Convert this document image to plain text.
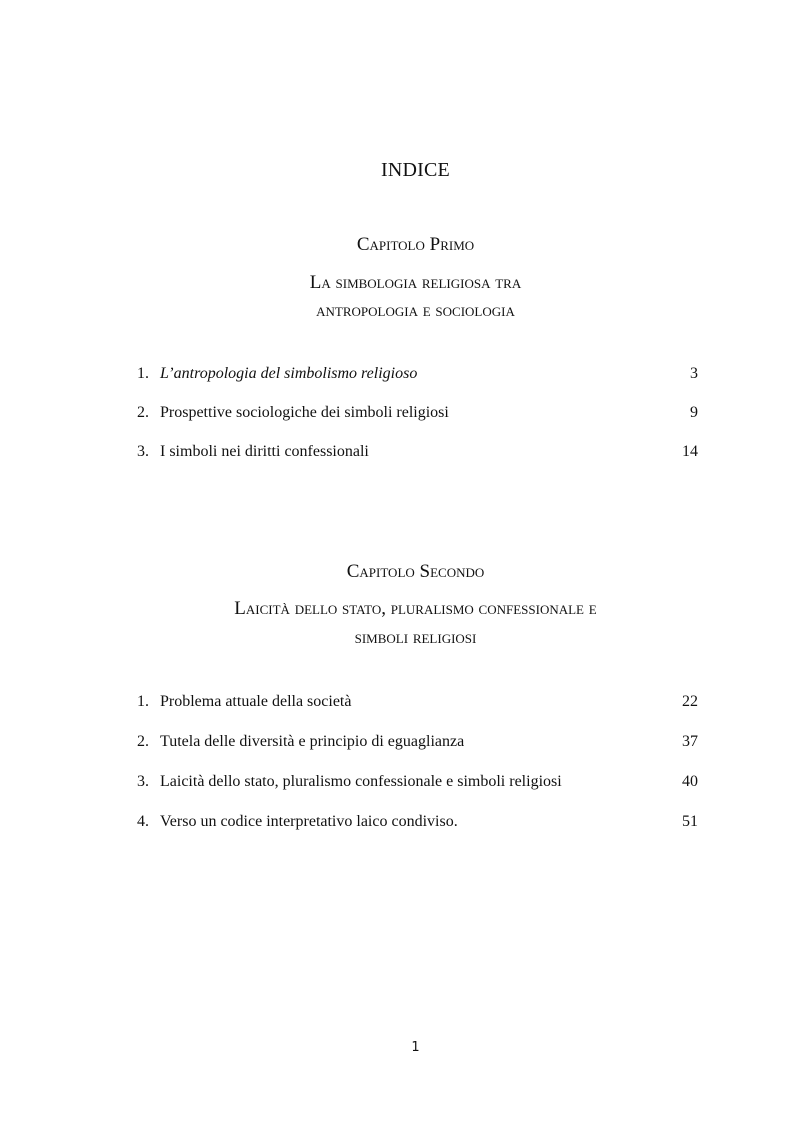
INDICE
Capitolo Primo
La simbologia religiosa tra
antropologia e sociologia
1. L’antropologia del simbolismo religioso	3
2. Prospettive sociologiche dei simboli religiosi	9
3. I simboli nei diritti confessionali	14
Capitolo Secondo
Laicità dello stato, pluralismo confessionale e
simboli religiosi
1. Problema attuale della società	22
2. Tutela delle diversità e principio di eguaglianza	37
3. Laicità dello stato, pluralismo confessionale e simboli religiosi	40
4. Verso un codice interpretativo laico condiviso.	51
1
